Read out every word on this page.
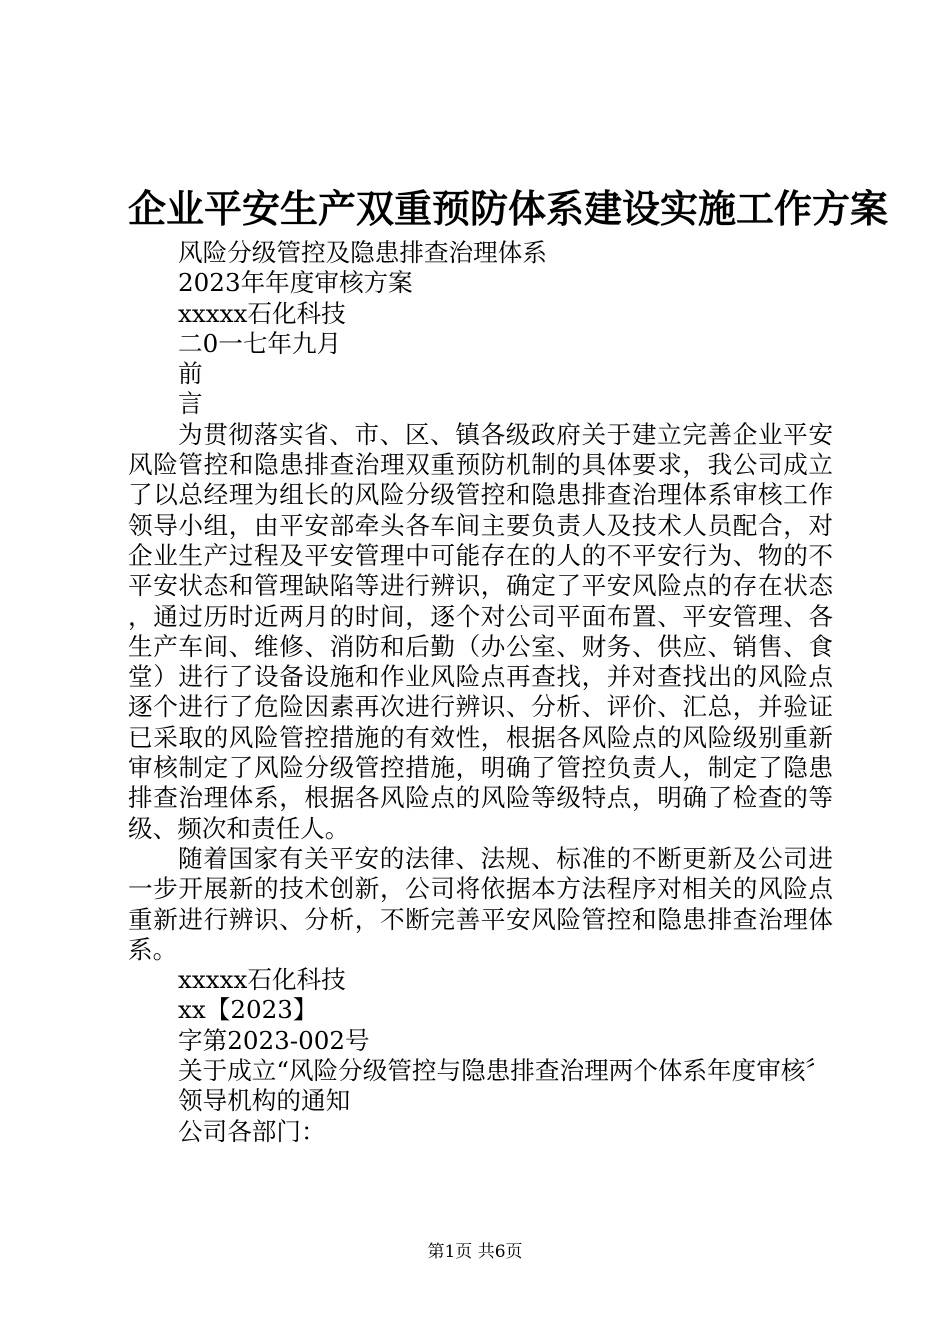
企业平安生产双重预防体系建设实施工作方案
风险分级管控及隐患排查治理体系
2023年年度审核方案
xxxxx石化科技
二0一七年九月
前
言

为贯彻落实省、市、区、镇各级政府关于建立完善企业平安风险管控和隐患排查治理双重预防机制的具体要求，我公司成立了以总经理为组长的风险分级管控和隐患排查治理体系审核工作领导小组，由平安部牵头各车间主要负责人及技术人员配合，对企业生产过程及平安管理中可能存在的人的不平安行为、物的不平安状态和管理缺陷等进行辨识，确定了平安风险点的存在状态，通过历时近两月的时间，逐个对公司平面布置、平安管理、各生产车间、维修、消防和后勤（办公室、财务、供应、销售、食堂）进行了设备设施和作业风险点再查找，并对查找出的风险点逐个进行了危险因素再次进行辨识、分析、评价、汇总，并验证已采取的风险管控措施的有效性，根据各风险点的风险级别重新审核制定了风险分级管控措施，明确了管控负责人，制定了隐患排查治理体系，根据各风险点的风险等级特点，明确了检查的等级、频次和责任人。

随着国家有关平安的法律、法规、标准的不断更新及公司进一步开展新的技术创新，公司将依据本方法程序对相关的风险点重新进行辨识、分析，不断完善平安风险管控和隐患排查治理体系。

xxxxx石化科技
xx【2023】
字第2023-002号

关于成立“风险分级管控与隐患排查治理两个体系年度审核〞

领导机构的通知
公司各部门：
第1页 共6页
